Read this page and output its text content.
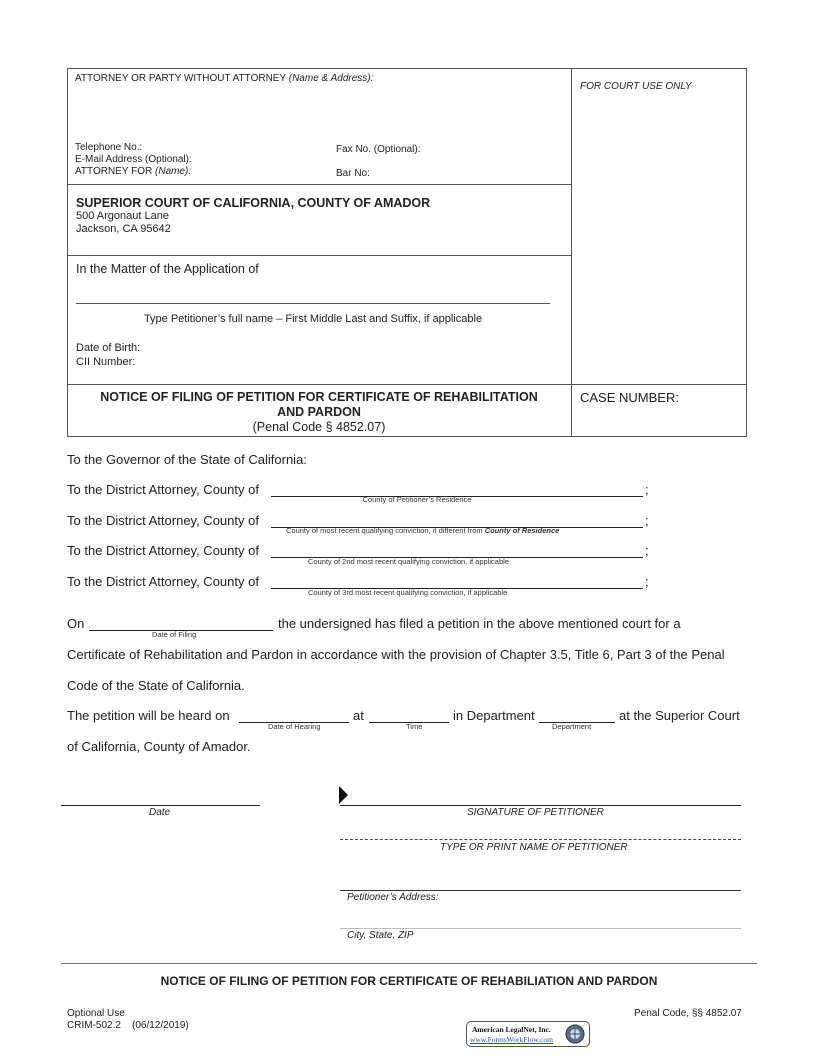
ATTORNEY OR PARTY WITHOUT ATTORNEY (Name & Address):
FOR COURT USE ONLY
Telephone No.:
E-Mail Address (Optional):
ATTORNEY FOR (Name):
Fax No. (Optional):
Bar No:
SUPERIOR COURT OF CALIFORNIA, COUNTY OF AMADOR
500 Argonaut Lane
Jackson, CA 95642
In the Matter of the Application of
Type Petitioner’s full name – First Middle Last and Suffix, if applicable
Date of Birth:
CII Number:
NOTICE OF FILING OF PETITION FOR CERTIFICATE OF REHABILITATION
AND PARDON
(Penal Code § 4852.07)
CASE NUMBER:
To the Governor of the State of California:
To the District Attorney, County of	;
County of Petitioner’s Residence
To the District Attorney, County of	;
County of most recent qualifying conviction, if different from County of Residence
To the District Attorney, County of	;
County of 2nd most recent qualifying conviction, if applicable
To the District Attorney, County of	;
County of 3rd most recent qualifying conviction, if applicable
On
Date of Filing
the undersigned has filed a petition in the above mentioned court for a
Certificate of Rehabilitation and Pardon in accordance with the provision of Chapter 3.5, Title 6, Part 3 of the Penal
Code of the State of California.
The petition will be heard on
Date of Hearing
at
Time
in Department
Department
at the Superior Court
of California, County of Amador.
Date	SIGNATURE OF PETITIONER
TYPE OR PRINT NAME OF PETITIONER
Petitioner’s Address:
City, State, ZIP
NOTICE OF FILING OF PETITION FOR CERTIFICATE OF REHABILIATION AND PARDON
Optional Use
CRIM-502.2    (06/12/2019)
Penal Code, §§ 4852.07
American LegalNet, Inc.
www.FormsWorkFlow.com
